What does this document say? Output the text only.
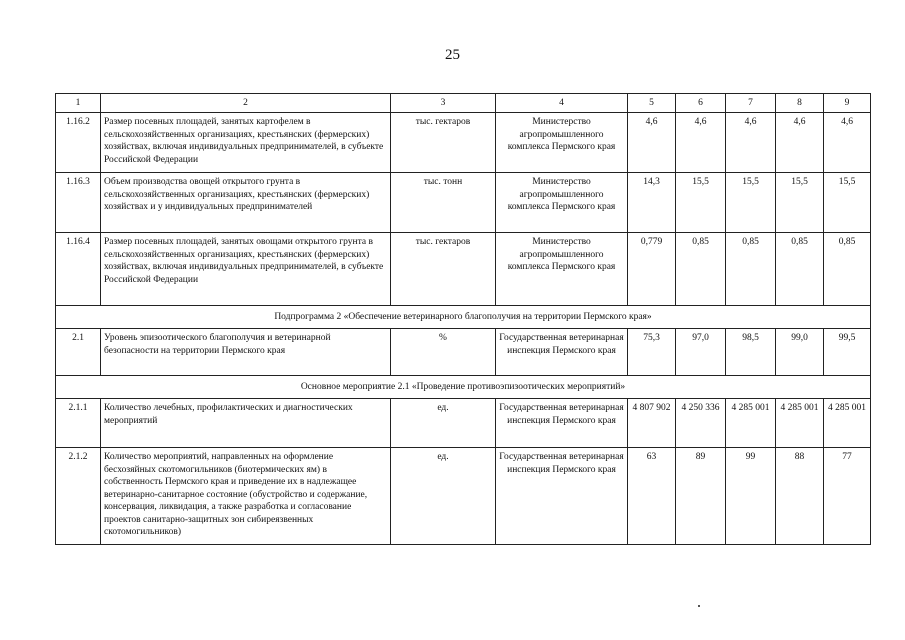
25
1	2	3	4	5	6	7	8	9
1.16.2	Размер посевных площадей, занятых картофелем в сельскохозяйственных организациях, крестьянских (фермерских) хозяйствах, включая индивидуальных предпринимателей, в субъекте Российской Федерации	тыс. гектаров	Министерство агропромышленного комплекса Пермского края	4,6	4,6	4,6	4,6	4,6
1.16.3	Объем производства овощей открытого грунта в сельскохозяйственных организациях, крестьянских (фермерских) хозяйствах и у индивидуальных предпринимателей	тыс. тонн	Министерство агропромышленного комплекса Пермского края	14,3	15,5	15,5	15,5	15,5
1.16.4	Размер посевных площадей, занятых овощами открытого грунта в сельскохозяйственных организациях, крестьянских (фермерских) хозяйствах, включая индивидуальных предпринимателей, в субъекте Российской Федерации	тыс. гектаров	Министерство агропромышленного комплекса Пермского края	0,779	0,85	0,85	0,85	0,85
Подпрограмма 2 «Обеспечение ветеринарного благополучия на территории Пермского края»								
2.1	Уровень эпизоотического благополучия и ветеринарной безопасности на территории Пермского края	%	Государственная ветеринарная инспекция Пермского края	75,3	97,0	98,5	99,0	99,5
Основное мероприятие 2.1 «Проведение противоэпизоотических мероприятий»								
2.1.1	Количество лечебных, профилактических и диагностических мероприятий	ед.	Государственная ветеринарная инспекция Пермского края	4 807 902	4 250 336	4 285 001	4 285 001	4 285 001
2.1.2	Количество мероприятий, направленных на оформление бесхозяйных скотомогильников (биотермических ям) в собственность Пермского края и приведение их в надлежащее ветеринарно-санитарное состояние (обустройство и содержание, консервация, ликвидация, а также разработка и согласование проектов санитарно-защитных зон сибиреязвенных скотомогильников)	ед.	Государственная ветеринарная инспекция Пермского края	63	89	99	88	77
